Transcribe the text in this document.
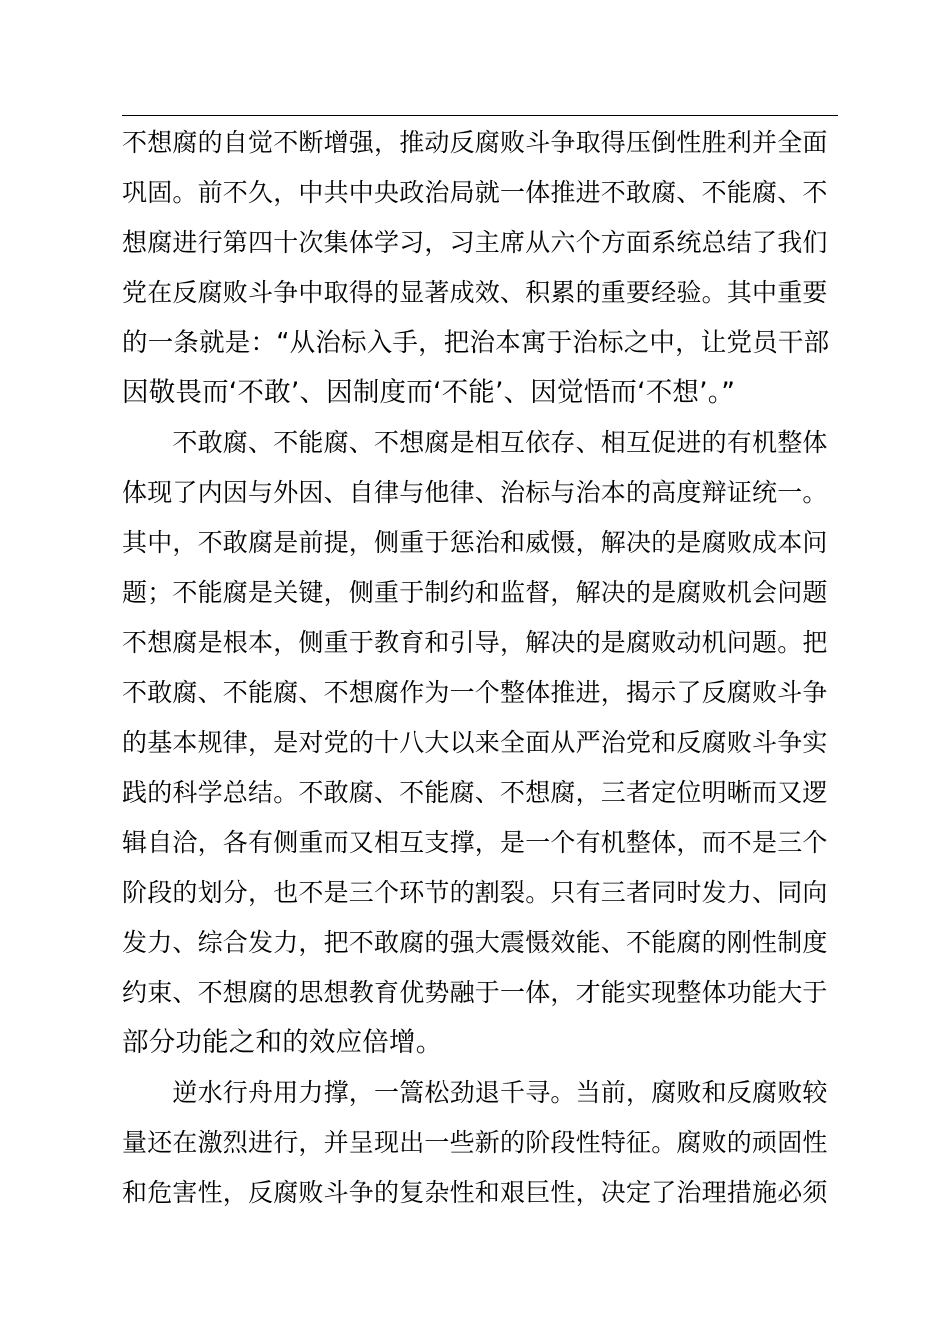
不想腐的自觉不断增强，推动反腐败斗争取得压倒性胜利并全面
巩固。前不久，中共中央政治局就一体推进不敢腐、不能腐、不
想腐进行第四十次集体学习，习主席从六个方面系统总结了我们
党在反腐败斗争中取得的显著成效、积累的重要经验。其中重要
的一条就是：“从治标入手，把治本寓于治标之中，让党员干部
因敬畏而‘不敢’、因制度而‘不能’、因觉悟而‘不想’。”
　　不敢腐、不能腐、不想腐是相互依存、相互促进的有机整体
体现了内因与外因、自律与他律、治标与治本的高度辩证统一。
其中，不敢腐是前提，侧重于惩治和威慑，解决的是腐败成本问
题；不能腐是关键，侧重于制约和监督，解决的是腐败机会问题
不想腐是根本，侧重于教育和引导，解决的是腐败动机问题。把
不敢腐、不能腐、不想腐作为一个整体推进，揭示了反腐败斗争
的基本规律，是对党的十八大以来全面从严治党和反腐败斗争实
践的科学总结。不敢腐、不能腐、不想腐，三者定位明晰而又逻
辑自洽，各有侧重而又相互支撑，是一个有机整体，而不是三个
阶段的划分，也不是三个环节的割裂。只有三者同时发力、同向
发力、综合发力，把不敢腐的强大震慑效能、不能腐的刚性制度
约束、不想腐的思想教育优势融于一体，才能实现整体功能大于
部分功能之和的效应倍增。
　　逆水行舟用力撑，一篙松劲退千寻。当前，腐败和反腐败较
量还在激烈进行，并呈现出一些新的阶段性特征。腐败的顽固性
和危害性，反腐败斗争的复杂性和艰巨性，决定了治理措施必须
